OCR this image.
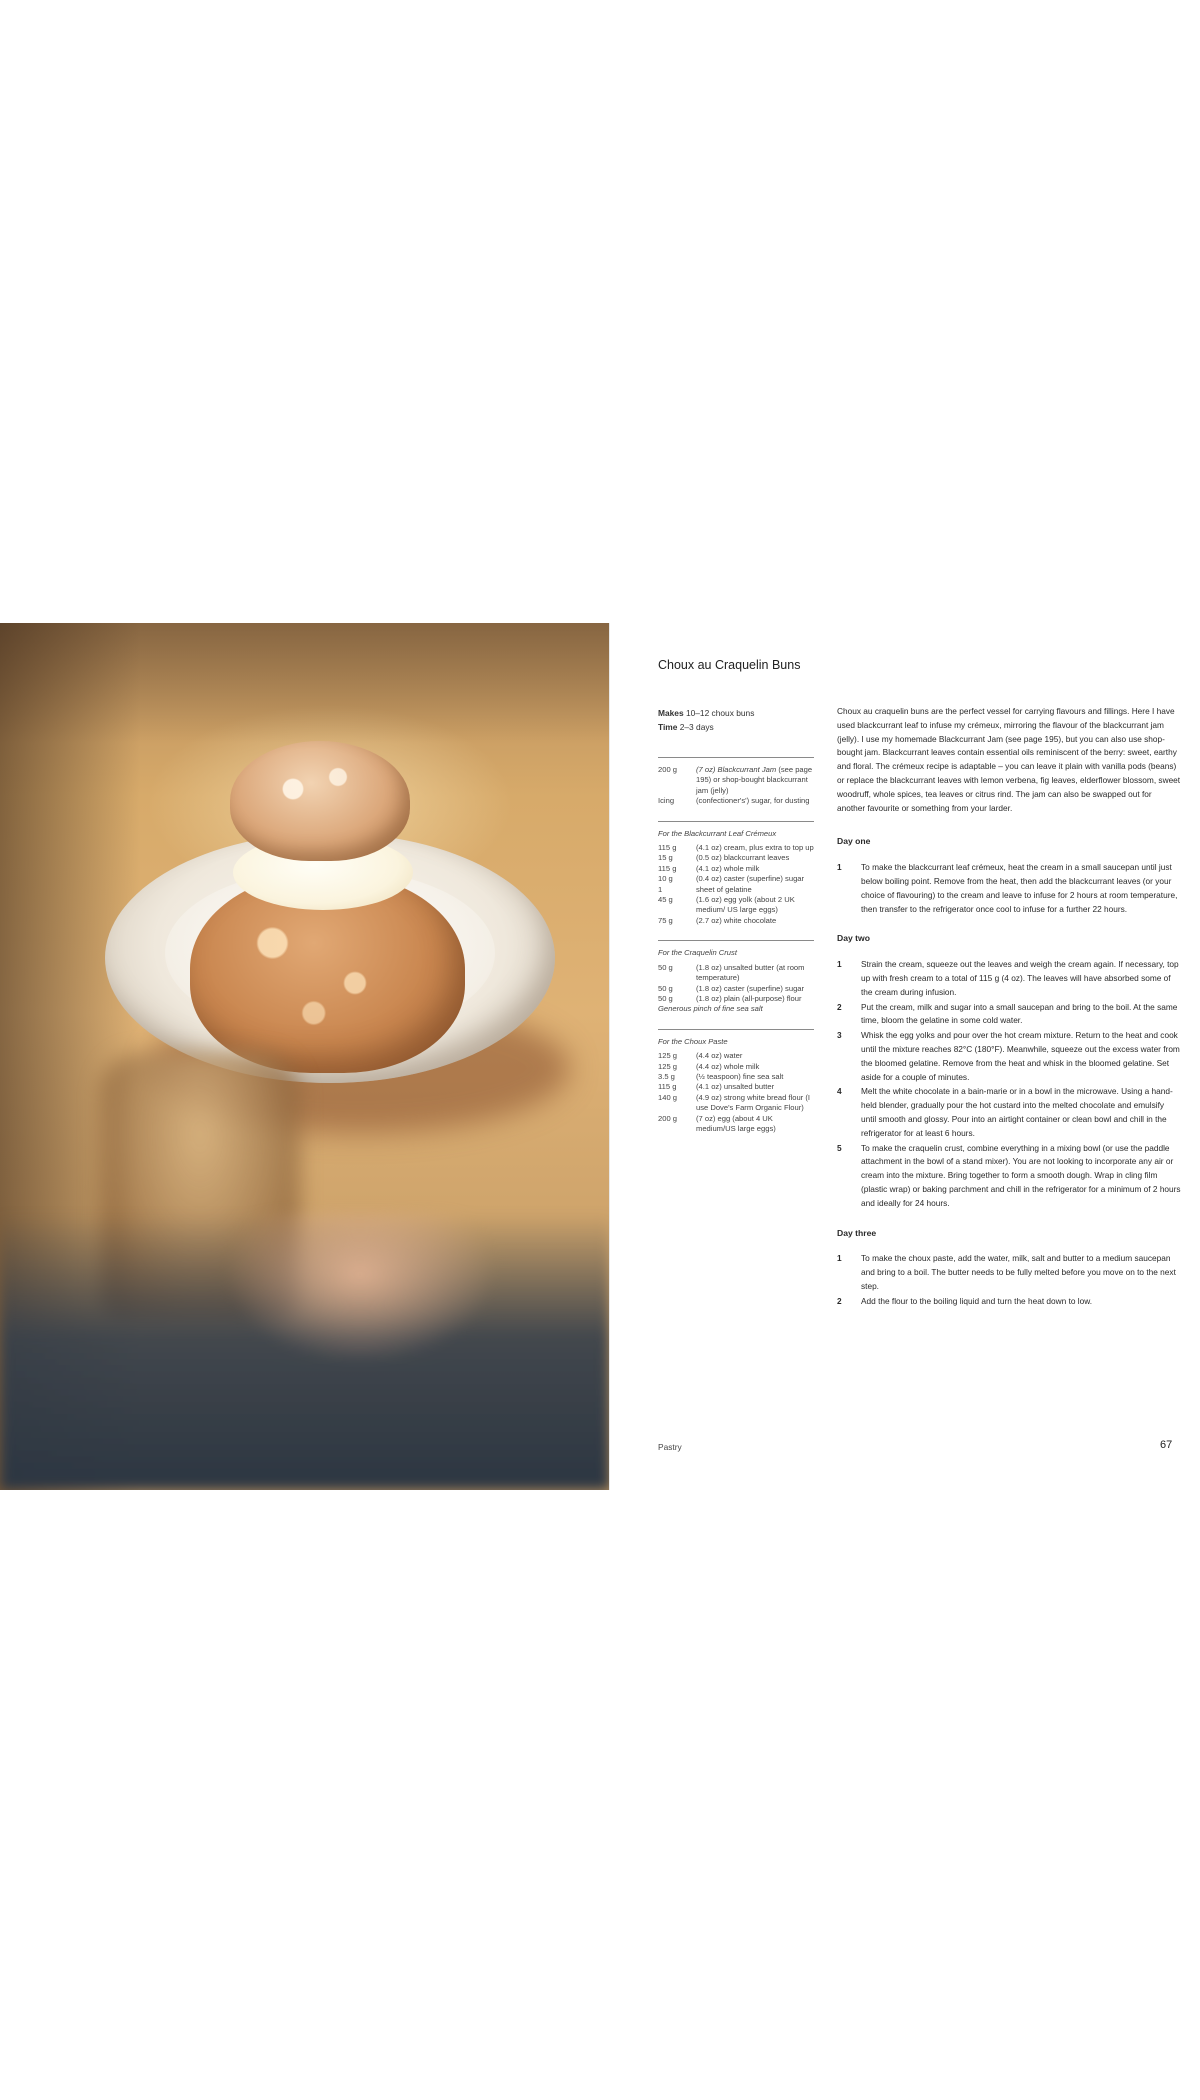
Choux au Craquelin Buns
Makes 10–12 choux buns
Time 2–3 days
200 g	(7 oz) Blackcurrant Jam (see page 195) or shop-bought blackcurrant jam (jelly)
Icing	(confectioner's') sugar, for dusting
For the Blackcurrant Leaf Crémeux
115 g	(4.1 oz) cream, plus extra to top up
15 g	(0.5 oz) blackcurrant leaves
115 g	(4.1 oz) whole milk
10 g	(0.4 oz) caster (superfine) sugar
1	sheet of gelatine
45 g	(1.6 oz) egg yolk (about 2 UK medium/ US large eggs)
75 g	(2.7 oz) white chocolate
For the Craquelin Crust
50 g	(1.8 oz) unsalted butter (at room temperature)
50 g	(1.8 oz) caster (superfine) sugar
50 g	(1.8 oz) plain (all-purpose) flour
Generous pinch of fine sea salt
For the Choux Paste
125 g	(4.4 oz) water
125 g	(4.4 oz) whole milk
3.5 g	(½ teaspoon) fine sea salt
115 g	(4.1 oz) unsalted butter
140 g	(4.9 oz) strong white bread flour (I use Dove's Farm Organic Flour)
200 g	(7 oz) egg (about 4 UK medium/US large eggs)

Choux au craquelin buns are the perfect vessel for carrying flavours and fillings. Here I have used blackcurrant leaf to infuse my crémeux, mirroring the flavour of the blackcurrant jam (jelly). I use my homemade Blackcurrant Jam (see page 195), but you can also use shop-bought jam. Blackcurrant leaves contain essential oils reminiscent of the berry: sweet, earthy and floral. The crémeux recipe is adaptable – you can leave it plain with vanilla pods (beans) or replace the blackcurrant leaves with lemon verbena, fig leaves, elderflower blossom, sweet woodruff, whole spices, tea leaves or citrus rind. The jam can also be swapped out for another favourite or something from your larder.

Day one
1	To make the blackcurrant leaf crémeux, heat the cream in a small saucepan until just below boiling point. Remove from the heat, then add the blackcurrant leaves (or your choice of flavouring) to the cream and leave to infuse for 2 hours at room temperature, then transfer to the refrigerator once cool to infuse for a further 22 hours.
Day two
1	Strain the cream, squeeze out the leaves and weigh the cream again. If necessary, top up with fresh cream to a total of 115 g (4 oz). The leaves will have absorbed some of the cream during infusion.
2	Put the cream, milk and sugar into a small saucepan and bring to the boil. At the same time, bloom the gelatine in some cold water.
3	Whisk the egg yolks and pour over the hot cream mixture. Return to the heat and cook until the mixture reaches 82°C (180°F). Meanwhile, squeeze out the excess water from the bloomed gelatine. Remove from the heat and whisk in the bloomed gelatine. Set aside for a couple of minutes.
4	Melt the white chocolate in a bain-marie or in a bowl in the microwave. Using a hand-held blender, gradually pour the hot custard into the melted chocolate and emulsify until smooth and glossy. Pour into an airtight container or clean bowl and chill in the refrigerator for at least 6 hours.
5	To make the craquelin crust, combine everything in a mixing bowl (or use the paddle attachment in the bowl of a stand mixer). You are not looking to incorporate any air or cream into the mixture. Bring together to form a smooth dough. Wrap in cling film (plastic wrap) or baking parchment and chill in the refrigerator for a minimum of 2 hours and ideally for 24 hours.
Day three
1	To make the choux paste, add the water, milk, salt and butter to a medium saucepan and bring to a boil. The butter needs to be fully melted before you move on to the next step.
2	Add the flour to the boiling liquid and turn the heat down to low.
Pastry	67
